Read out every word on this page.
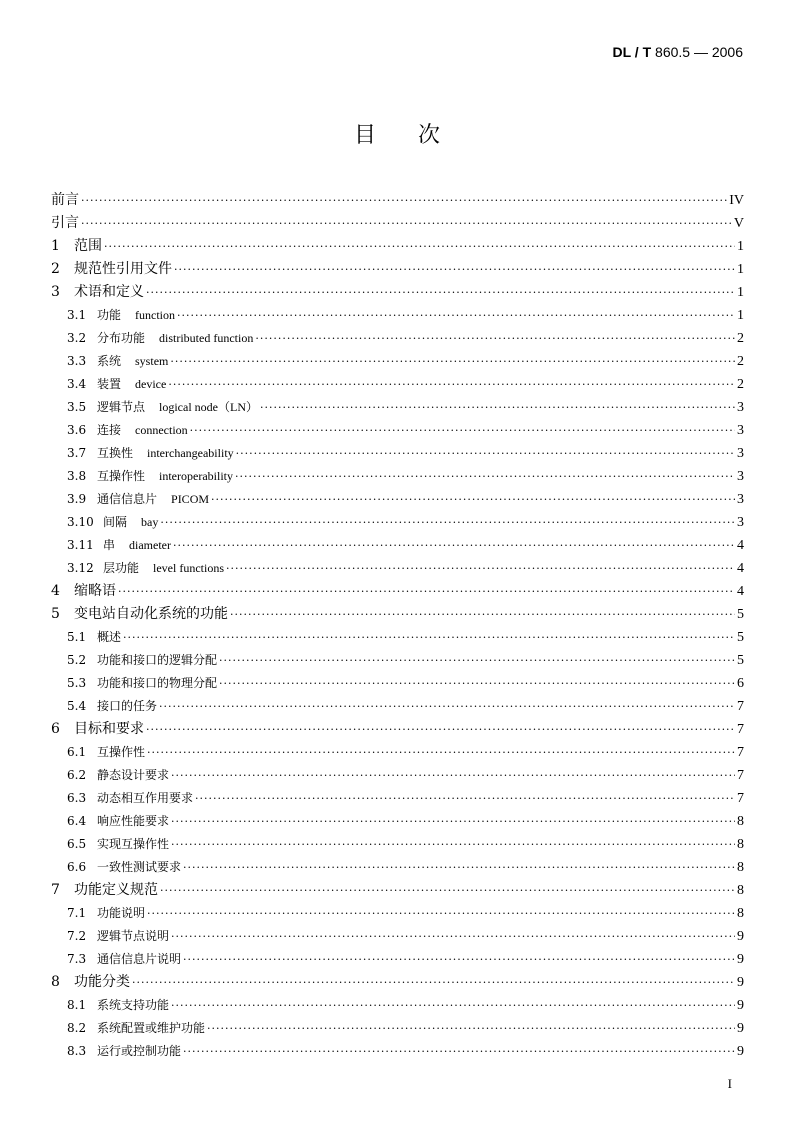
DL / T 860.5 — 2006
目次
前言 ·····	IV
引言 ·····	V
1	范围 ·····	1
2	规范性引用文件 ·····	1
3	术语和定义 ·····	1
3.1 功能 function ·····	1
3.2 分布功能 distributed function ·····	2
3.3 系统 system ·····	2
3.4 装置 device ·····	2
3.5 逻辑节点 logical node（LN） ·····	3
3.6 连接 connection ·····	3
3.7 互换性 interchangeability ·····	3
3.8 互操作性 interoperability ·····	3
3.9 通信信息片 PICOM ·····	3
3.10 间隔 bay ·····	3
3.11 串 diameter ·····	4
3.12 层功能 level functions ·····	4
4	缩略语 ·····	4
5	变电站自动化系统的功能 ·····	5
5.1 概述 ·····	5
5.2 功能和接口的逻辑分配 ·····	5
5.3 功能和接口的物理分配 ·····	6
5.4 接口的任务 ·····	7
6	目标和要求 ·····	7
6.1 互操作性 ·····	7
6.2 静态设计要求 ·····	7
6.3 动态相互作用要求 ·····	7
6.4 响应性能要求 ·····	8
6.5 实现互操作性 ·····	8
6.6 一致性测试要求 ·····	8
7	功能定义规范 ·····	8
7.1 功能说明 ·····	8
7.2 逻辑节点说明 ·····	9
7.3 通信信息片说明 ·····	9
8	功能分类 ·····	9
8.1 系统支持功能 ·····	9
8.2 系统配置或维护功能 ·····	9
8.3 运行或控制功能 ·····	9
I
